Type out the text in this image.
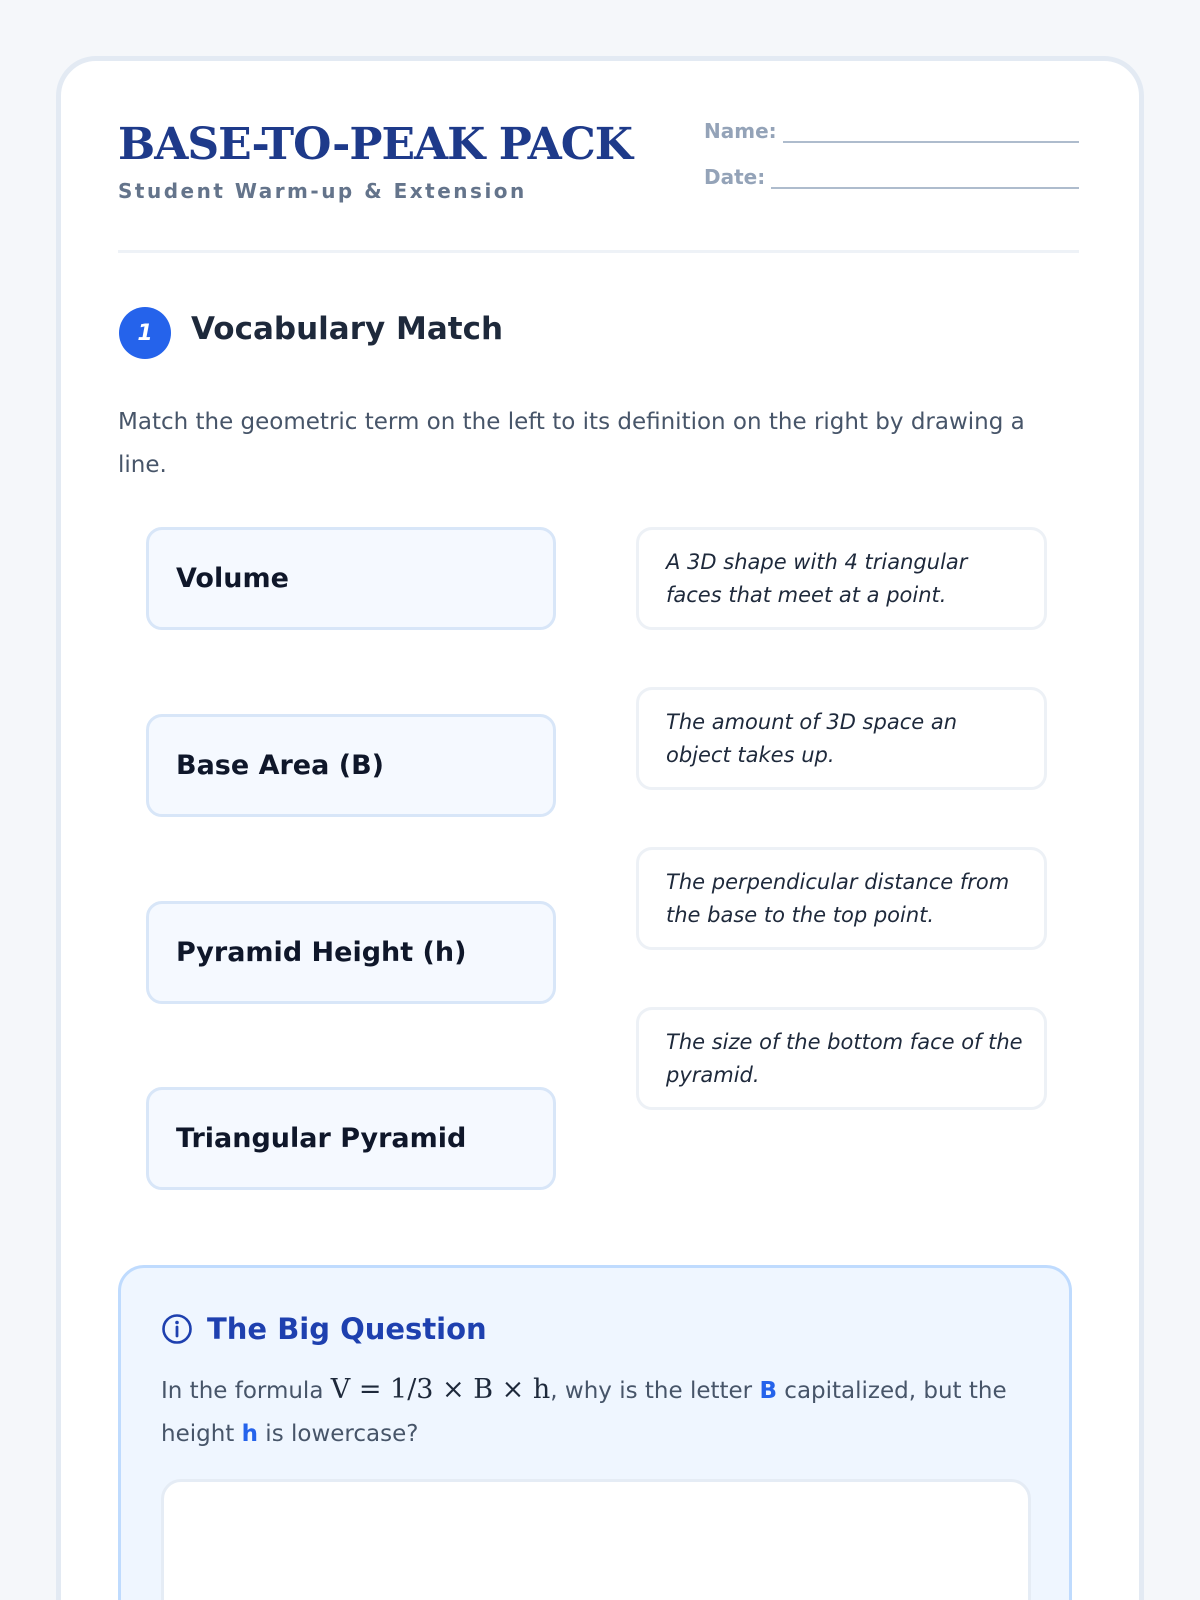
BASE-TO-PEAK PACK
Student Warm-up & Extension
Name:
Date:
1	Vocabulary Match
Match the geometric term on the left to its definition on the right by drawing a line.
Volume
Base Area (B)
Pyramid Height (h)
Triangular Pyramid
A 3D shape with 4 triangular faces that meet at a point.
The amount of 3D space an object takes up.
The perpendicular distance from the base to the top point.
The size of the bottom face of the pyramid.
The Big Question
In the formula V = 1/3 × B × h, why is the letter B capitalized, but the height h is lowercase?
